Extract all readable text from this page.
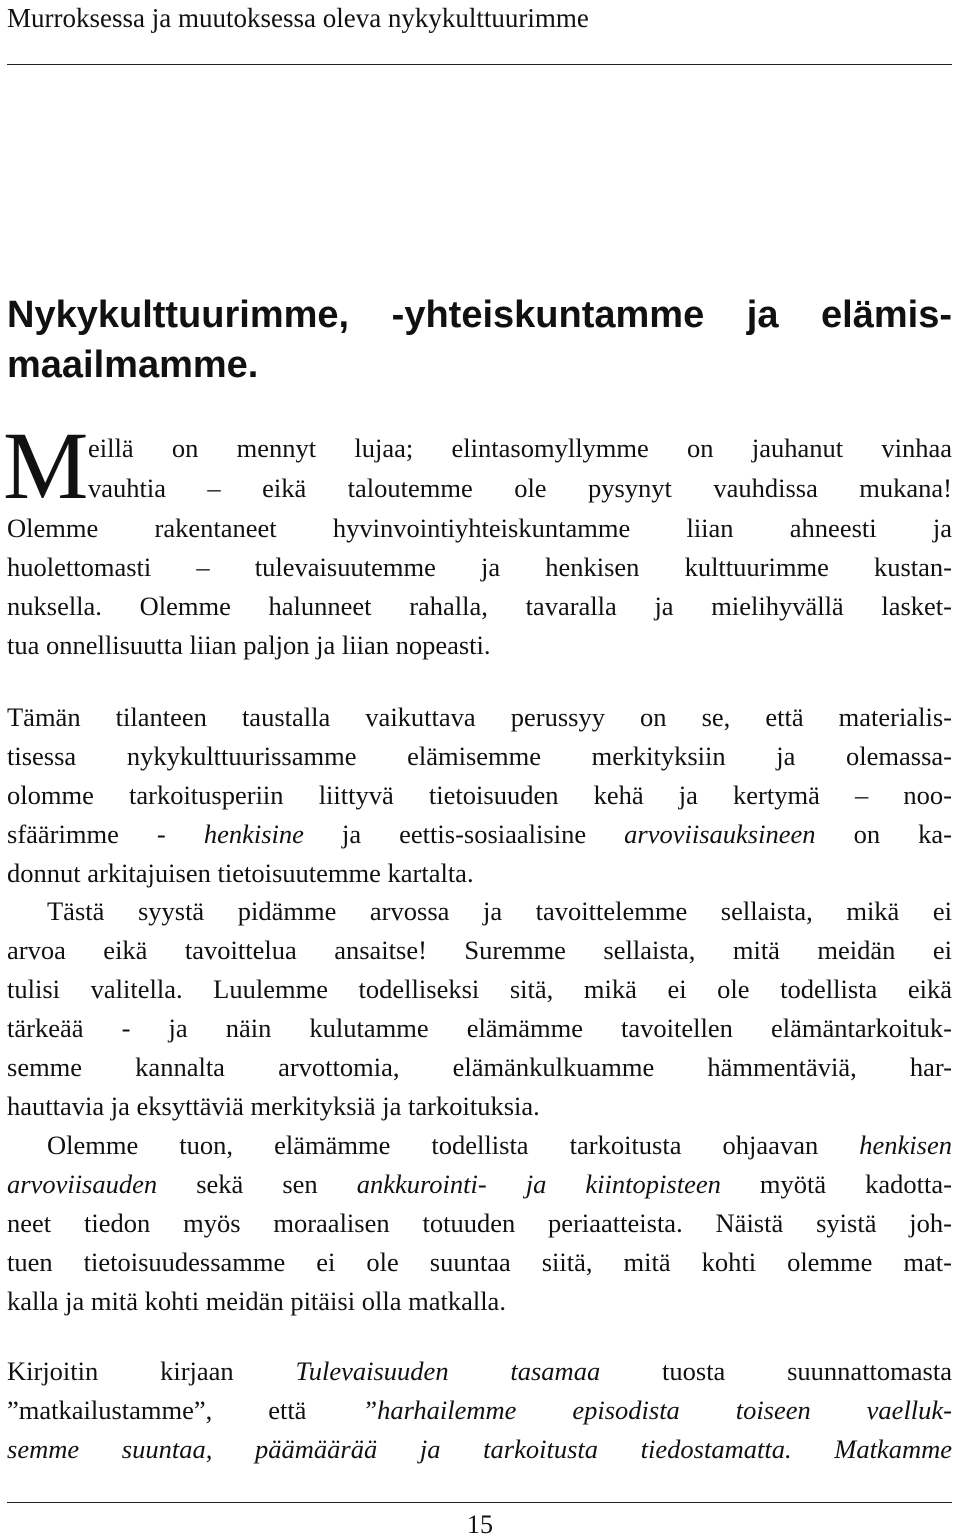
Murroksessa ja muutoksessa oleva nykykulttuurimme
Nykykulttuurimme, -yhteiskuntamme ja elämis-
maailmamme.
M eillä on mennyt lujaa; elintasomyllymme on jauhanut vinhaa
vauhtia – eikä taloutemme ole pysynyt vauhdissa mukana!
Olemme rakentaneet hyvinvointiyhteiskuntamme liian ahneesti ja
huolettomasti – tulevaisuutemme ja henkisen kulttuurimme kustan-
nuksella. Olemme halunneet rahalla, tavaralla ja mielihyvällä lasket-
tua onnellisuutta liian paljon ja liian nopeasti.
Tämän tilanteen taustalla vaikuttava perussyy on se, että materialis-
tisessa nykykulttuurissamme elämisemme merkityksiin ja olemassa-
olomme tarkoitusperiin liittyvä tietoisuuden kehä ja kertymä – noo-
sfäärimme - henkisine ja eettis-sosiaalisine arvoviisauksineen on ka-
donnut arkitajuisen tietoisuutemme kartalta.
Tästä syystä pidämme arvossa ja tavoittelemme sellaista, mikä ei
arvoa eikä tavoittelua ansaitse! Suremme sellaista, mitä meidän ei
tulisi valitella. Luulemme todelliseksi sitä, mikä ei ole todellista eikä
tärkeää - ja näin kulutamme elämämme tavoitellen elämäntarkoituk-
semme kannalta arvottomia, elämänkulkuamme hämmentäviä, har-
hauttavia ja eksyttäviä merkityksiä ja tarkoituksia.
Olemme tuon, elämämme todellista tarkoitusta ohjaavan henkisen
arvoviisauden sekä sen ankkurointi- ja kiintopisteen myötä kadotta-
neet tiedon myös moraalisen totuuden periaatteista. Näistä syistä joh-
tuen tietoisuudessamme ei ole suuntaa siitä, mitä kohti olemme mat-
kalla ja mitä kohti meidän pitäisi olla matkalla.
Kirjoitin kirjaan Tulevaisuuden tasamaa tuosta suunnattomasta
”matkailustamme”, että ”harhailemme episodista toiseen vaelluk-
semme suuntaa, päämäärää ja tarkoitusta tiedostamatta. Matkamme
15
